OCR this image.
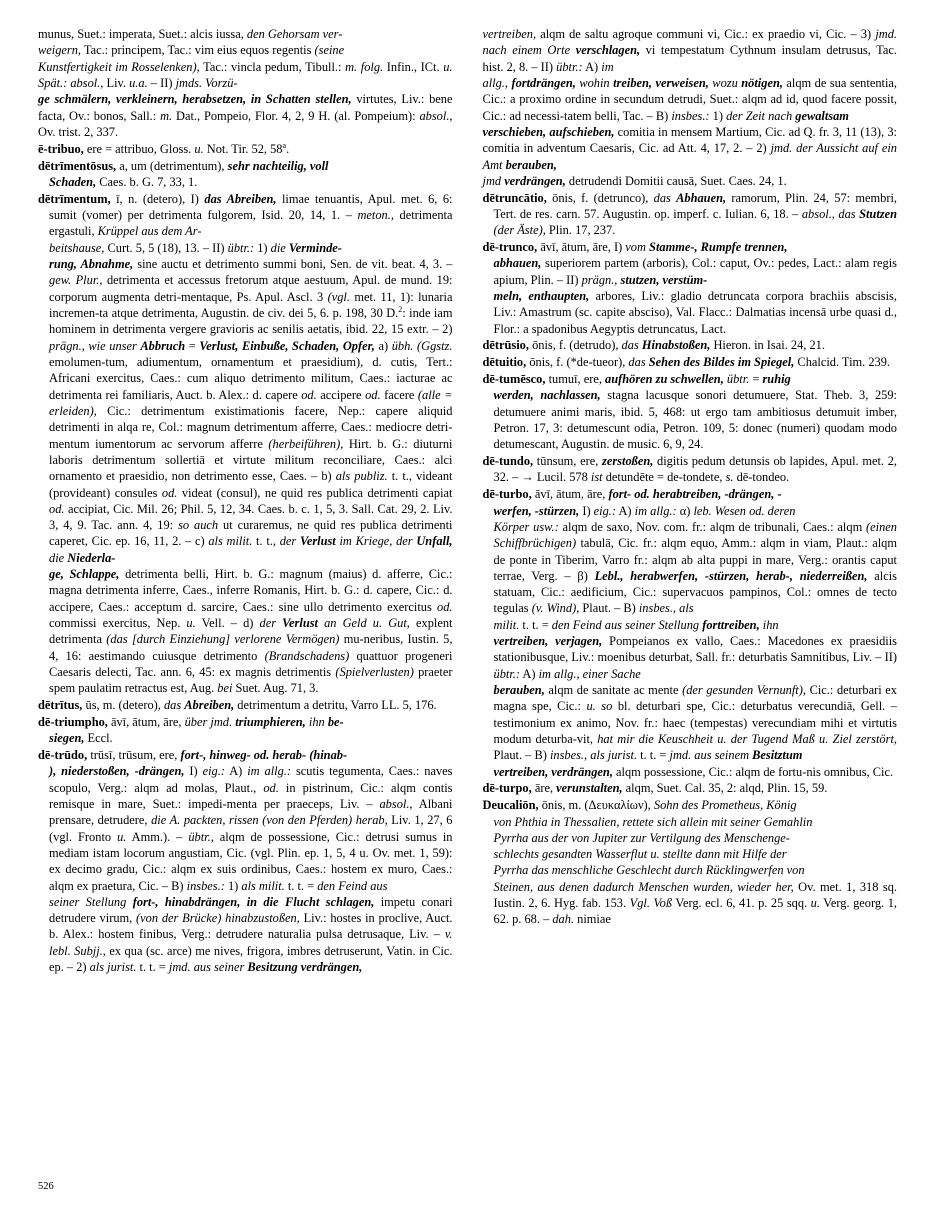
munus, Suet.: imperata, Suet.: alcis iussa, den Gehorsam ver-
weigern, Tac.: principem, Tac.: vim eius equos regentis (seine
Kunstfertigkeit im Rosselenken), Tac.: vincla pedum, Tibull.: m. folg. Infin., ICt. u. Spät.: absol., Liv. u.a. – II) jmds. Vorzü-
ge schmälern, verkleinern, herabsetzen, in Schatten stellen, virtutes, Liv.: bene facta, Ov.: bonos, Sall.: m. Dat., Pompeio, Flor. 4, 2, 9 H. (al. Pompeium): absol., Ov. trist. 2, 337.

ē-tribuo, ere = attribuo, Gloss. u. Not. Tir. 52, 58$^a$.

dētrīmentōsus, a, um (detrimentum), sehr nachteilig, voll
Schaden, Caes. b. G. 7, 33, 1.

dētrīmentum, ī, n. (detero), I) das Abreiben, limae tenuantis, Apul. met. 6, 6: sumit (vomer) per detrimenta fulgorem, Isid. 20, 14, 1. – meton., detrimenta ergastuli, Krüppel aus dem Ar-
beitshause, Curt. 5, 5 (18), 13. – II) übtr.: 1) die Verminde-
rung, Abnahme, sine auctu et detrimento summi boni, Sen. de vit. beat. 4, 3. – gew. Plur., detrimenta et accessus fretorum atque aestuum, Apul. de mund. 19: corporum augmenta detri-mentaque, Ps. Apul. Ascl. 3 (vgl. met. 11, 1): lunaria incremen-ta atque detrimenta, Augustin. de civ. dei 5, 6. p. 198, 30 D.$^2$: inde iam hominem in detrimenta vergere gravioris ac senilis aetatis, ibid. 22, 15 extr. – 2) prägn., wie unser Abbruch = Verlust, Einbuße, Schaden, Opfer, a) übh. (Ggstz. emolumen-tum, adiumentum, ornamentum et praesidium), d. cutis, Tert.: Africani exercitus, Caes.: cum aliquo detrimento militum, Caes.: iacturae ac detrimenta rei familiaris, Auct. b. Alex.: d. capere od. accipere od. facere (alle = erleiden), Cic.: detrimentum existimationis facere, Nep.: capere aliquid detrimenti in alqa re, Col.: magnum detrimentum afferre, Caes.: mediocre detri-mentum iumentorum ac servorum afferre (herbeiführen), Hirt. b. G.: diuturni laboris detrimentum sollertiā et virtute militum reconciliare, Caes.: alci ornamento et praesidio, non detrimento esse, Caes. – b) als publiz. t. t., videant (provideant) consules od. videat (consul), ne quid res publica detrimenti capiat od. accipiat, Cic. Mil. 26; Phil. 5, 12, 34. Caes. b. c. 1, 5, 3. Sall. Cat. 29, 2. Liv. 3, 4, 9. Tac. ann. 4, 19: so auch ut curaremus, ne quid res publica detrimenti caperet, Cic. ep. 16, 11, 2. – c) als milit. t. t., der Verlust im Kriege, der Unfall, die Niederla-
ge, Schlappe, detrimenta belli, Hirt. b. G.: magnum (maius) d. afferre, Cic.: magna detrimenta inferre, Caes., inferre Romanis, Hirt. b. G.: d. capere, Cic.: d. accipere, Caes.: acceptum d. sarcire, Caes.: sine ullo detrimento exercitus od. commissi exercitus, Nep. u. Vell. – d) der Verlust an Geld u. Gut, explent detrimenta (das [durch Einziehung] verlorene Vermögen) mu-neribus, Iustin. 5, 4, 16: aestimando cuiusque detrimento (Brandschadens) quattuor progeneri Caesaris delecti, Tac. ann. 6, 45: ex magnis detrimentis (Spielverlusten) praeter spem paulatim retractus est, Aug. bei Suet. Aug. 71, 3.

dētrītus, ūs, m. (detero), das Abreiben, detrimentum a detritu, Varro LL. 5, 176.

dē-triumpho, āvī, ātum, āre, über jmd. triumphieren, ihn be-
siegen, Eccl.

dē-trūdo, trūsī, trūsum, ere, fort-, hinweg- od. herab- (hinab-
), niederstoßen, -drängen, I) eig.: A) im allg.: scutis tegumenta, Caes.: naves scopulo, Verg.: alqm ad molas, Plaut., od. in pistrinum, Cic.: alqm contis remisque in mare, Suet.: impedi-menta per praeceps, Liv. – absol., Albani prensare, detrudere, die A. packten, rissen (von den Pferden) herab, Liv. 1, 27, 6 (vgl. Fronto u. Amm.). – übtr., alqm de possessione, Cic.: detrusi sumus in mediam istam locorum angustiam, Cic. (vgl. Plin. ep. 1, 5, 4 u. Ov. met. 1, 59): ex decimo gradu, Cic.: alqm ex suis ordinibus, Caes.: hostem ex muro, Caes.: alqm ex praetura, Cic. – B) insbes.: 1) als milit. t. t. = den Feind aus
seiner Stellung fort-, hinabdrängen, in die Flucht schlagen, impetu conari detrudere virum, (von der Brücke) hinabzustoßen, Liv.: hostes in proclive, Auct. b. Alex.: hostem finibus, Verg.: detrudere naturalia pulsa detrusaque, Liv. – v. lebl. Subjj., ex qua (sc. arce) me nives, frigora, imbres detruserunt, Vatin. in Cic. ep. – 2) als jurist. t. t. = jmd. aus seiner Besitzung verdrängen,

vertreiben, alqm de saltu agroque communi vi, Cic.: ex praedio vi, Cic. – 3) jmd. nach einem Orte verschlagen, vi tempestatum Cythnum insulam detrusus, Tac. hist. 2, 8. – II) übtr.: A) im
allg., fortdrängen, wohin treiben, verweisen, wozu nötigen, alqm de sua sententia, Cic.: a proximo ordine in secundum detrudi, Suet.: alqm ad id, quod facere possit, Cic.: ad necessi-tatem belli, Tac. – B) insbes.: 1) der Zeit nach gewaltsam
verschieben, aufschieben, comitia in mensem Martium, Cic. ad Q. fr. 3, 11 (13), 3: comitia in adventum Caesaris, Cic. ad Att. 4, 17, 2. – 2) jmd. der Aussicht auf ein Amt berauben,
jmd verdrängen, detrudendi Domitii causā, Suet. Caes. 24, 1.

dētruncātio, ōnis, f. (detrunco), das Abhauen, ramorum, Plin. 24, 57: membri, Tert. de res. carn. 57. Augustin. op. imperf. c. Iulian. 6, 18. – absol., das Stutzen (der Äste), Plin. 17, 237.

dē-trunco, āvī, ātum, āre, I) vom Stamme-, Rumpfe trennen,
abhauen, superiorem partem (arboris), Col.: caput, Ov.: pedes, Lact.: alam regis apium, Plin. – II) prägn., stutzen, verstüm-
meln, enthaupten, arbores, Liv.: gladio detruncata corpora brachiis abscisis, Liv.: Amastrum (sc. capite absciso), Val. Flacc.: Dalmatias incensā urbe quasi d., Flor.: a spadonibus Aegyptis detruncatus, Lact.

dētrūsio, ōnis, f. (detrudo), das Hinabstoßen, Hieron. in Isai. 24, 21.

dētuitio, ōnis, f. (*de-tueor), das Sehen des Bildes im Spiegel, Chalcid. Tim. 239.

dē-tumēsco, tumuī, ere, aufhören zu schwellen, übtr. = ruhig
werden, nachlassen, stagna lacusque sonori detumuere, Stat. Theb. 3, 259: detumuere animi maris, ibid. 5, 468: ut ergo tam ambitiosus detumuit imber, Petron. 17, 3: detumescunt odia, Petron. 109, 5: donec (numeri) quodam modo detumescant, Augustin. de music. 6, 9, 24.

dē-tundo, tūnsum, ere, zerstoßen, digitis pedum detunsis ob lapides, Apul. met. 2, 32. – → Lucil. 578 ist detundēte = de-tondete, s. dē-tondeo.

dē-turbo, āvī, ātum, āre, fort- od. herabtreiben, -drängen, -
werfen, -stürzen, I) eig.: A) im allg.: α) leb. Wesen od. deren
Körper usw.: alqm de saxo, Nov. com. fr.: alqm de tribunali, Caes.: alqm (einen Schiffbrüchigen) tabulā, Cic. fr.: alqm equo, Amm.: alqm in viam, Plaut.: alqm de ponte in Tiberim, Varro fr.: alqm ab alta puppi in mare, Verg.: orantis caput terrae, Verg. – β) Lebl., herabwerfen, -stürzen, herab-, niederreißen, alcis statuam, Cic.: aedificium, Cic.: supervacuos pampinos, Col.: omnes de tecto tegulas (v. Wind), Plaut. – B) insbes., als
milit. t. t. = den Feind aus seiner Stellung forttreiben, ihn
vertreiben, verjagen, Pompeianos ex vallo, Caes.: Macedones ex praesidiis stationibusque, Liv.: moenibus deturbat, Sall. fr.: deturbatis Samnitibus, Liv. – II) übtr.: A) im allg., einer Sache
berauben, alqm de sanitate ac mente (der gesunden Vernunft), Cic.: deturbari ex magna spe, Cic.: u. so bl. deturbari spe, Cic.: deturbatus verecundiā, Gell. – testimonium ex animo, Nov. fr.: haec (tempestas) verecundiam mihi et virtutis modum deturba-vit, hat mir die Keuschheit u. der Tugend Maß u. Ziel zerstört, Plaut. – B) insbes., als jurist. t. t. = jmd. aus seinem Besitztum
vertreiben, verdrängen, alqm possessione, Cic.: alqm de fortu-nis omnibus, Cic.

dē-turpo, āre, verunstalten, alqm, Suet. Cal. 35, 2: alqd, Plin. 15, 59.

Deucaliōn, ōnis, m. (Δευκαλίων), Sohn des Prometheus, König
von Phthia in Thessalien, rettete sich allein mit seiner Gemahlin
Pyrrha aus der von Jupiter zur Vertilgung des Menschenge-
schlechts gesandten Wasserflut u. stellte dann mit Hilfe der
Pyrrha das menschliche Geschlecht durch Rücklingwerfen von
Steinen, aus denen dadurch Menschen wurden, wieder her, Ov. met. 1, 318 sq. Iustin. 2, 6. Hyg. fab. 153. Vgl. Voß Verg. ecl. 6, 41. p. 25 sqq. u. Verg. georg. 1, 62. p. 68. – dah. nimiae

526
